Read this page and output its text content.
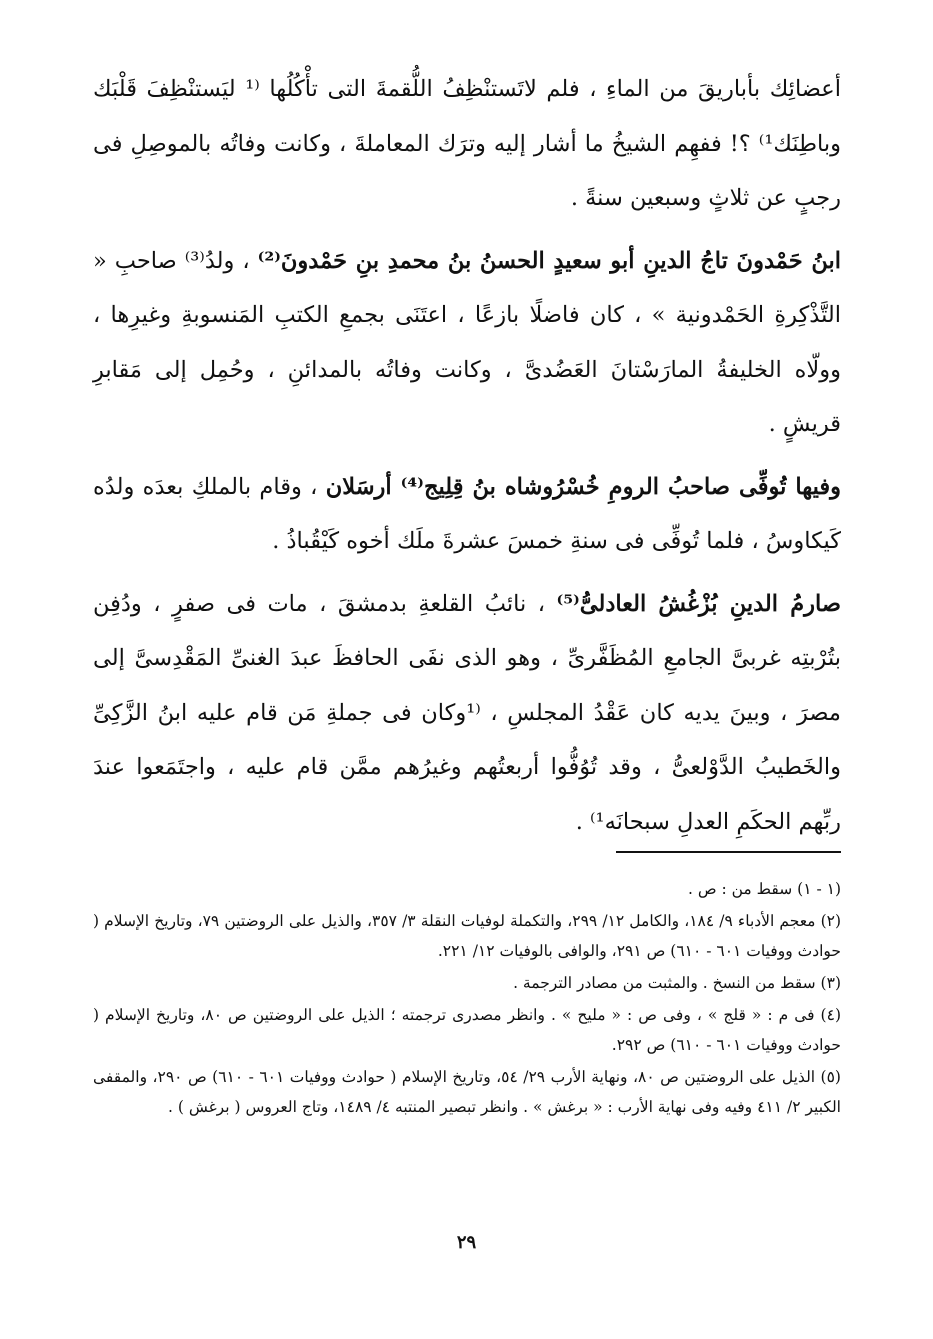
أعضائِك بأباريقَ من الماءِ ، فلم لاتَستنْظِفُ اللُّقمةَ التى تأْكُلُها ⁽¹ ليَستنْظِفَ قَلْبَك وباطِنَك¹⁾ ؟! ففهِم الشيخُ ما أشار إليه وترَك المعاملةَ ، وكانت وفاتُه بالموصِلِ فى رجبٍ عن ثلاثٍ وسبعين سنةً .

ابنُ حَمْدونَ تاجُ الدينِ أبو سعيدٍ الحسنُ بنُ محمدِ بنِ حَمْدونَ⁽²⁾ ، ولدُ⁽³⁾ صاحبِ « التَّذْكِرةِ الحَمْدونية » ، كان فاضلًا بازعًا ، اعتَنَى بجمعِ الكتبِ المَنسوبةِ وغيرِها ، وولّاه الخليفةُ المارَسْتانَ العَضُدىَّ ، وكانت وفاتُه بالمدائنِ ، وحُمِل إلى مَقابرِ قريشٍ .

وفيها تُوفِّى صاحبُ الرومِ خُسْرُوشاه بنُ قِلِيج⁽⁴⁾ أرسَلان ، وقام بالملكِ بعدَه ولدُه كَيكاوسُ ، فلما تُوفِّى فى سنةِ خمسَ عشرةَ ملَك أخوه كَيْقُباذُ .

صارمُ الدينِ بُزْغُشُ العادلىُّ⁽⁵⁾ ، نائبُ القلعةِ بدمشقَ ، مات فى صفرٍ ، ودُفِن بتُرْبتِه غربىَّ الجامعِ المُظَفَّرىِّ ، وهو الذى نفَى الحافظَ عبدَ الغنىِّ المَقْدِسىَّ إلى مصرَ ، وبينَ يديه كان عَقْدُ المجلسِ ، ⁽¹وكان فى جملةِ مَن قام عليه ابنُ الزَّكِىِّ والخَطيبُ الدَّوْلعىُّ ، وقد تُوُفُّوا أربعتُهم وغيرُهم ممَّن قام عليه ، واجتَمَعوا عندَ ربِّهم الحكَمِ العدلِ سبحانَه¹⁾ .

(١ - ١) سقط من : ص .

(٢) معجم الأدباء ٩/ ١٨٤، والكامل ١٢/ ٢٩٩، والتكملة لوفيات النقلة ٣/ ٣٥٧، والذيل على الروضتين ٧٩، وتاريخ الإسلام ( حوادث ووفيات ٦٠١ - ٦١٠) ص ٢٩١، والوافى بالوفيات ١٢/ ٢٢١.

(٣) سقط من النسخ . والمثبت من مصادر الترجمة .

(٤) فى م : « قلج » ، وفى ص : « مليح » . وانظر مصدرى ترجمته ؛ الذيل على الروضتين ص ٨٠، وتاريخ الإسلام ( حوادث ووفيات ٦٠١ - ٦١٠) ص ٢٩٢.

(٥) الذيل على الروضتين ص ٨٠، ونهاية الأرب ٢٩/ ٥٤، وتاريخ الإسلام ( حوادث ووفيات ٦٠١ - ٦١٠) ص ٢٩٠، والمقفى الكبير ٢/ ٤١١ وفيه وفى نهاية الأرب : « برغش » . وانظر تبصير المنتبه ٤/ ١٤٨٩، وتاج العروس ( برغش ) .

٢٩
